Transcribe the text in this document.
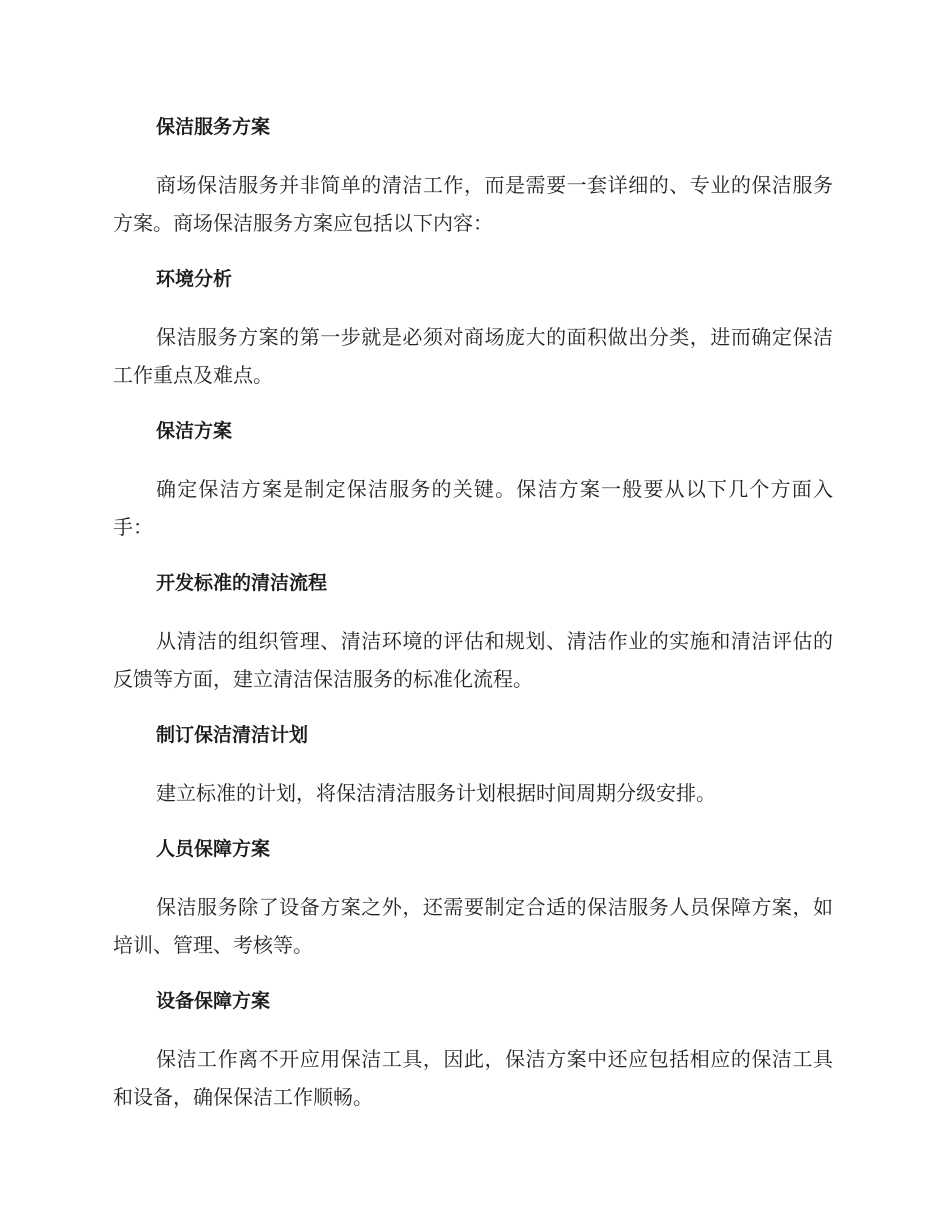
保洁服务方案

商场保洁服务并非简单的清洁工作，而是需要一套详细的、专业的保洁服务方案。商场保洁服务方案应包括以下内容：

环境分析

保洁服务方案的第一步就是必须对商场庞大的面积做出分类，进而确定保洁工作重点及难点。

保洁方案

确定保洁方案是制定保洁服务的关键。保洁方案一般要从以下几个方面入手：

开发标准的清洁流程

从清洁的组织管理、清洁环境的评估和规划、清洁作业的实施和清洁评估的反馈等方面，建立清洁保洁服务的标准化流程。

制订保洁清洁计划

建立标准的计划，将保洁清洁服务计划根据时间周期分级安排。

人员保障方案

保洁服务除了设备方案之外，还需要制定合适的保洁服务人员保障方案，如培训、管理、考核等。

设备保障方案

保洁工作离不开应用保洁工具，因此，保洁方案中还应包括相应的保洁工具和设备，确保保洁工作顺畅。
